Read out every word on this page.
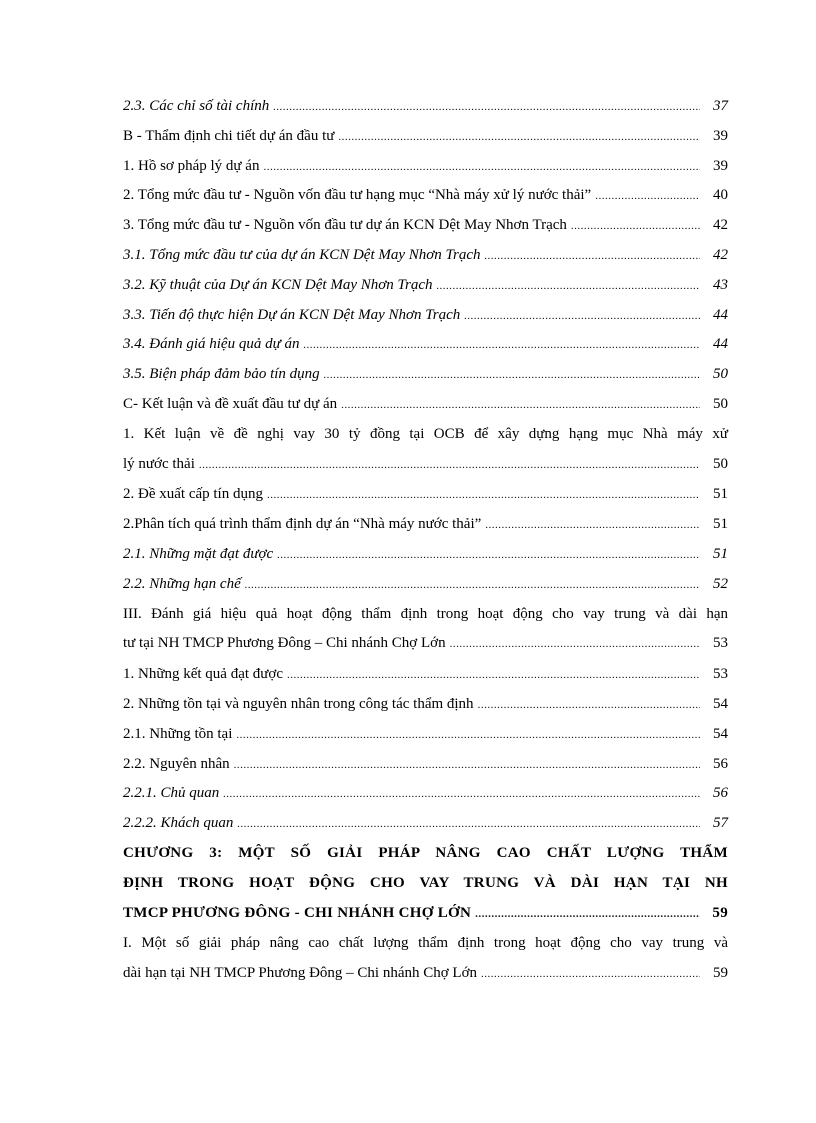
2.3. Các chỉ số tài chính .....	37
B - Thẩm định chi tiết dự án đầu tư .....	39
1. Hồ sơ pháp lý dự án .....	39
2. Tổng mức đầu tư - Nguồn vốn đầu tư hạng mục “Nhà máy xử lý nước thải” .....	40
3. Tổng mức đầu tư - Nguồn vốn đầu tư dự án KCN Dệt May Nhơn Trạch .....	42
3.1. Tổng mức đầu tư của dự án KCN Dệt May Nhơn Trạch .....	42
3.2. Kỹ thuật của Dự án KCN Dệt May Nhơn Trạch .....	43
3.3. Tiến độ thực hiện Dự án KCN Dệt May Nhơn Trạch .....	44
3.4. Đánh giá hiệu quả dự án .....	44
3.5. Biện pháp đảm bảo tín dụng .....	50
C- Kết luận và đề xuất đầu tư dự án .....	50
1. Kết luận về đề nghị vay 30 tỷ đồng tại OCB để xây dựng hạng mục Nhà máy xử
lý nước thải .....	50
2. Đề xuất cấp tín dụng .....	51
2.Phân tích quá trình thẩm định dự án “Nhà máy nước thải” .....	51
2.1. Những mặt đạt được .....	51
2.2. Những hạn chế .....	52
III. Đánh giá hiệu quả hoạt động thẩm định trong hoạt động cho vay trung và dài hạn
tư tại NH TMCP Phương Đông – Chi nhánh Chợ Lớn .....	53
1. Những kết quả đạt được .....	53
2. Những tồn tại và nguyên nhân trong công tác thẩm định .....	54
2.1. Những tồn tại .....	54
2.2. Nguyên nhân .....	56
2.2.1. Chủ quan .....	56
2.2.2. Khách quan .....	57
CHƯƠNG 3: MỘT SỐ GIẢI PHÁP NÂNG CAO CHẤT LƯỢNG THẨM
ĐỊNH TRONG HOẠT ĐỘNG CHO VAY TRUNG VÀ DÀI HẠN TẠI NH
TMCP PHƯƠNG ĐÔNG - CHI NHÁNH CHỢ LỚN .....	59
I. Một số giải pháp nâng cao chất lượng thẩm định trong hoạt động cho vay trung và
dài hạn tại NH TMCP Phương Đông – Chi nhánh Chợ Lớn .....	59
